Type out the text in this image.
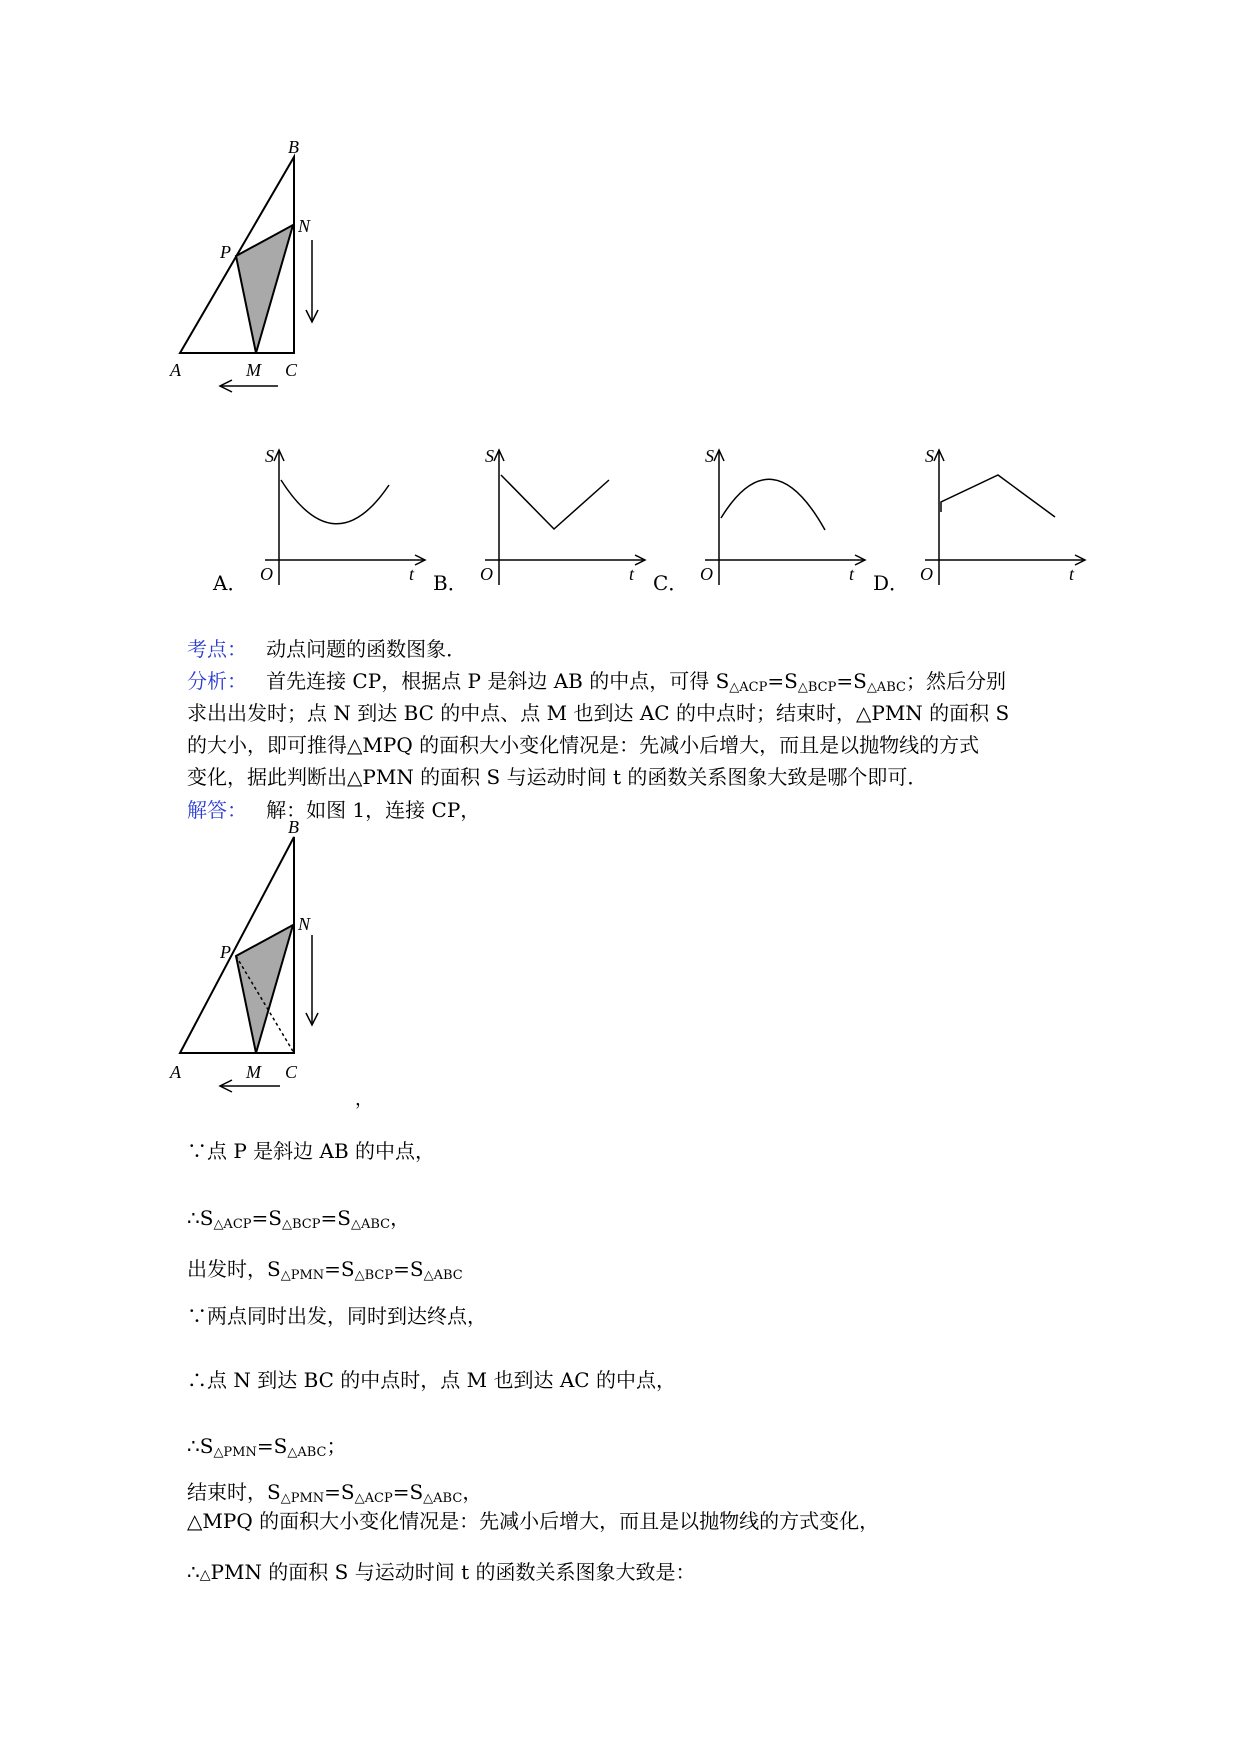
A
B
C
M
N
P
A．
S
O	t B．
S
O	t C．
S
O	t D．
S
O	t
考点： 动点问题的函数图象．
分析： 首先连接 CP，根据点 P 是斜边 AB 的中点，可得 $S_{\triangle ACP}=S_{\triangle BCP}=S_{\triangle ABC}$；然后分别
求出出发时；点 N 到达 BC 的中点、点 M 也到达 AC 的中点时；结束时，△PMN 的面积 S
的大小，即可推得△MPQ 的面积大小变化情况是：先减小后增大，而且是以抛物线的方式
变化，据此判断出△PMN 的面积 S 与运动时间 t 的函数关系图象大致是哪个即可．
解答： 解：如图 1，连接 CP，
A
B
C
M
N
P
，
∵点 P 是斜边 AB 的中点，
$\therefore S_{\triangle ACP}=S_{\triangle BCP}=S_{\triangle ABC}$，
出发时，$S_{\triangle PMN}=S_{\triangle BCP}=S_{\triangle ABC}$
∵两点同时出发，同时到达终点，
∴点 N 到达 BC 的中点时，点 M 也到达 AC 的中点，
$\therefore S_{\triangle PMN}=S_{\triangle ABC}$；
结束时，$S_{\triangle PMN}=S_{\triangle ACP}=S_{\triangle ABC}$，
△MPQ 的面积大小变化情况是：先减小后增大，而且是以抛物线的方式变化，
∴△PMN 的面积 S 与运动时间 t 的函数关系图象大致是：
